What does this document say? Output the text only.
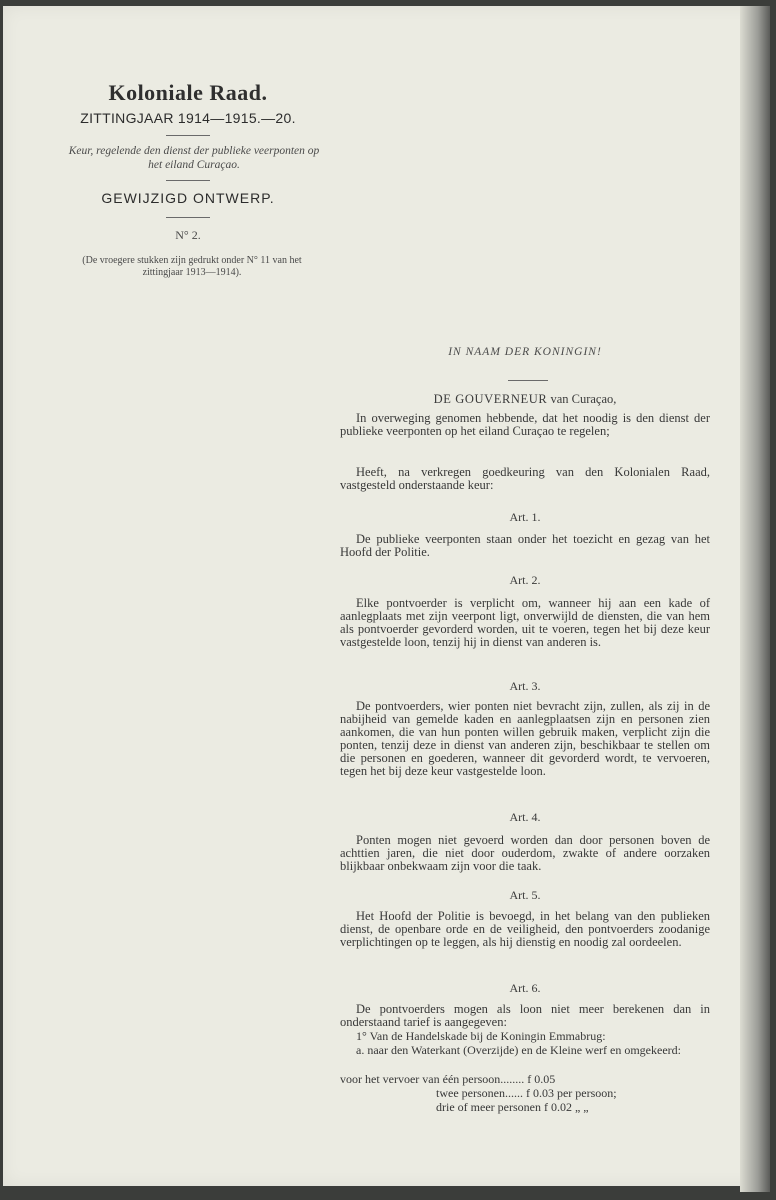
Koloniale Raad.
ZITTINGJAAR 1914—1915.—20.
Keur, regelende den dienst der publieke veerponten op het eiland Curaçao.
GEWIJZIGD ONTWERP.
N° 2.
(De vroegere stukken zijn gedrukt onder N° 11 van het zittingjaar 1913—1914).
IN NAAM DER KONINGIN!
DE GOUVERNEUR van Curaçao,
In overweging genomen hebbende, dat het noodig is den dienst der publieke veerponten op het eiland Curaçao te regelen;
Heeft, na verkregen goedkeuring van den Kolonialen Raad, vastgesteld onderstaande keur:
Art. 1.
De publieke veerponten staan onder het toezicht en gezag van het Hoofd der Politie.
Art. 2.
Elke pontvoerder is verplicht om, wanneer hij aan een kade of aanlegplaats met zijn veerpont ligt, onverwijld de diensten, die van hem als pontvoerder gevorderd worden, uit te voeren, tegen het bij deze keur vastgestelde loon, tenzij hij in dienst van anderen is.
Art. 3.
De pontvoerders, wier ponten niet bevracht zijn, zullen, als zij in de nabijheid van gemelde kaden en aanlegplaatsen zijn en personen zien aankomen, die van hun ponten willen gebruik maken, verplicht zijn die ponten, tenzij deze in dienst van anderen zijn, beschikbaar te stellen om die personen en goederen, wanneer dit gevorderd wordt, te vervoeren, tegen het bij deze keur vastgestelde loon.
Art. 4.
Ponten mogen niet gevoerd worden dan door personen boven de achttien jaren, die niet door ouderdom, zwakte of andere oorzaken blijkbaar onbekwaam zijn voor die taak.
Art. 5.
Het Hoofd der Politie is bevoegd, in het belang van den publieken dienst, de openbare orde en de veiligheid, den pontvoerders zoodanige verplichtingen op te leggen, als hij dienstig en noodig zal oordeelen.
Art. 6.
De pontvoerders mogen als loon niet meer berekenen dan in onderstaand tarief is aangegeven:
1° Van de Handelskade bij de Koningin Emmabrug:
a. naar den Waterkant (Overzijde) en de Kleine werf en omgekeerd:
voor het vervoer van één persoon........ f 0.05
twee personen...... f 0.03 per persoon;
drie of meer personen f 0.02 „ „
